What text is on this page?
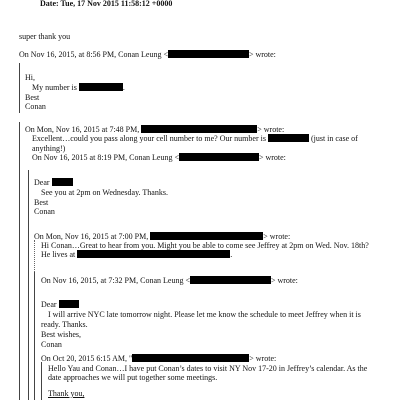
Date: Tue, 17 Nov 2015 11:58:12 +0000
super thank you
On Nov 16, 2015, at 8:56 PM, Conan Leung <	> wrote:
Hi,
My number is	.
Best
Conan
On Mon, Nov 16, 2015 at 7:48 PM,	> wrote:
Excellent…could you pass along your cell number to me? Our number is	(just in case of
anything!)
On Nov 16, 2015 at 8:19 PM, Conan Leung <	> wrote:
Dear
See you at 2pm on Wednesday. Thanks.
Best
Conan
On Mon, Nov 16, 2015 at 7:00 PM,	> wrote:
Hi Conan…Great to hear from you. Might you be able to come see Jeffrey at 2pm on Wed. Nov. 18th?
He lives at	.
On Nov 16, 2015, at 7:32 PM, Conan Leung <	> wrote:
Dear
I will arrive NYC late tomorrow night. Please let me know the schedule to meet Jeffrey when it is
ready. Thanks.
Best wishes,
Conan
On Oct 20, 2015 6:15 AM, "	> wrote:
Hello Yau and Conan…I have put Conan’s dates to visit NY Nov 17-20 in Jeffrey’s calendar. As the
date approaches we will put together some meetings.
Thank you,
